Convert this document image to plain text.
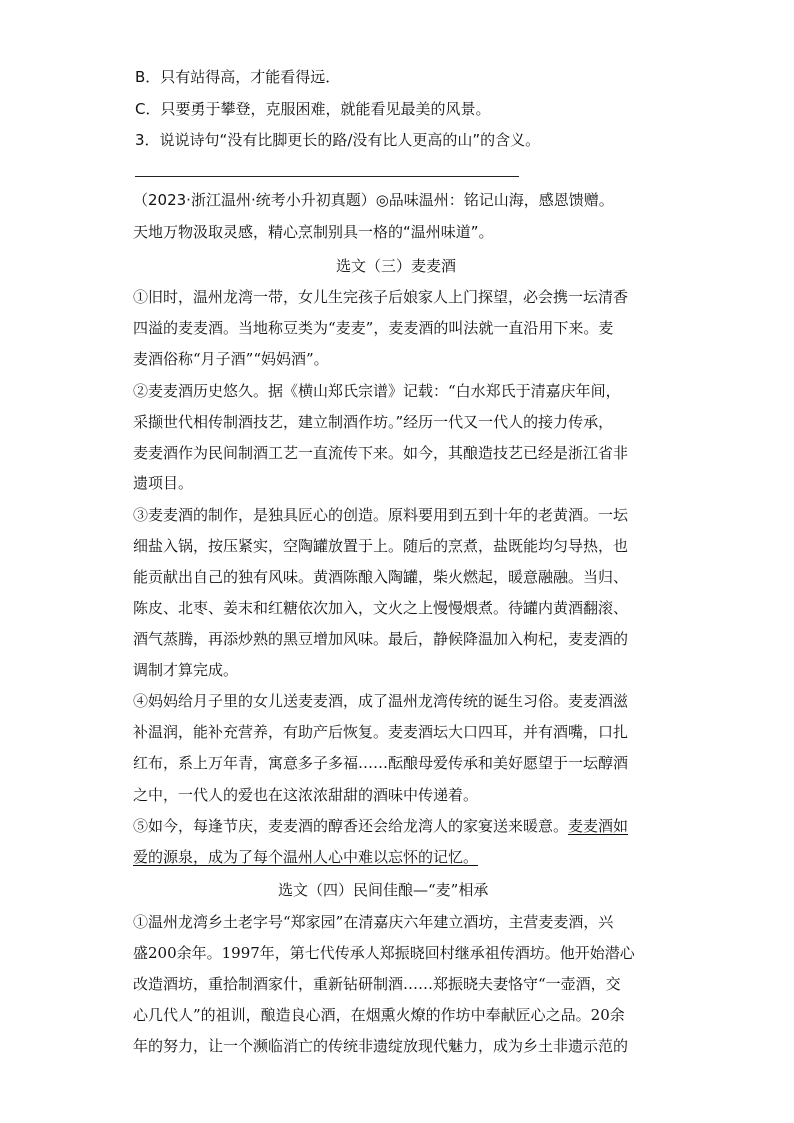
B．只有站得高，才能看得远．
C．只要勇于攀登，克服困难，就能看见最美的风景。
3．说说诗句“没有比脚更长的路/没有比人更高的山”的含义。
（2023·浙江温州·统考小升初真题）◎品味温州：铭记山海，感恩馈赠。
天地万物汲取灵感，精心烹制别具一格的“温州味道”。
选文（三）麦麦酒
①旧时，温州龙湾一带，女儿生完孩子后娘家人上门探望，必会携一坛清香
四溢的麦麦酒。当地称豆类为“麦麦”，麦麦酒的叫法就一直沿用下来。麦
麦酒俗称“月子酒”“妈妈酒”。
②麦麦酒历史悠久。据《横山郑氏宗谱》记载：“白水郑氏于清嘉庆年间，
采撷世代相传制酒技艺，建立制酒作坊。”经历一代又一代人的接力传承，
麦麦酒作为民间制酒工艺一直流传下来。如今，其酿造技艺已经是浙江省非
遗项目。
③麦麦酒的制作，是独具匠心的创造。原料要用到五到十年的老黄酒。一坛
细盐入锅，按压紧实，空陶罐放置于上。随后的烹煮，盐既能均匀导热，也
能贡献出自己的独有风味。黄酒陈酿入陶罐，柴火燃起，暖意融融。当归、
陈皮、北枣、姜末和红糖依次加入，文火之上慢慢煨煮。待罐内黄酒翻滚、
酒气蒸腾，再添炒熟的黑豆增加风味。最后，静候降温加入枸杞，麦麦酒的
调制才算完成。
④妈妈给月子里的女儿送麦麦酒，成了温州龙湾传统的诞生习俗。麦麦酒滋
补温润，能补充营养，有助产后恢复。麦麦酒坛大口四耳，并有酒嘴，口扎
红布，系上万年青，寓意多子多福……酝酿母爱传承和美好愿望于一坛醇酒
之中，一代人的爱也在这浓浓甜甜的酒味中传递着。
⑤如今，每逢节庆，麦麦酒的醇香还会给龙湾人的家宴送来暖意。麦麦酒如
爱的源泉，成为了每个温州人心中难以忘怀的记忆。
选文（四）民间佳酿—“麦”相承
①温州龙湾乡土老字号“郑家园”在清嘉庆六年建立酒坊，主营麦麦酒，兴
盛200余年。1997年，第七代传承人郑振晓回村继承祖传酒坊。他开始潜心
改造酒坊，重拾制酒家什，重新钻研制酒……郑振晓夫妻恪守“一壶酒，交
心几代人”的祖训，酿造良心酒，在烟熏火燎的作坊中奉献匠心之品。20余
年的努力，让一个濒临消亡的传统非遗绽放现代魅力，成为乡土非遗示范的
